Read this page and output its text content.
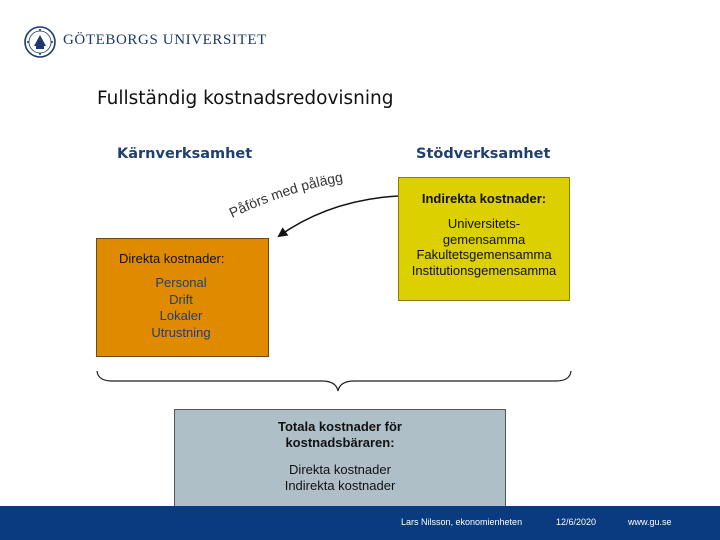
GÖTEBORGS UNIVERSITET
Fullständig kostnadsredovisning
Kärnverksamhet	Stödverksamhet
Direkta kostnader:
Personal
Drift
Lokaler
Utrustning
Indirekta kostnader:
Universitets-
gemensamma
Fakultetsgemensamma
Institutionsgemensamma
Totala kostnader för
kostnadsbäraren:
Direkta kostnader
Indirekta kostnader
Påförs med pålägg
Lars Nilsson, ekonomienheten	12/6/2020	www.gu.se
